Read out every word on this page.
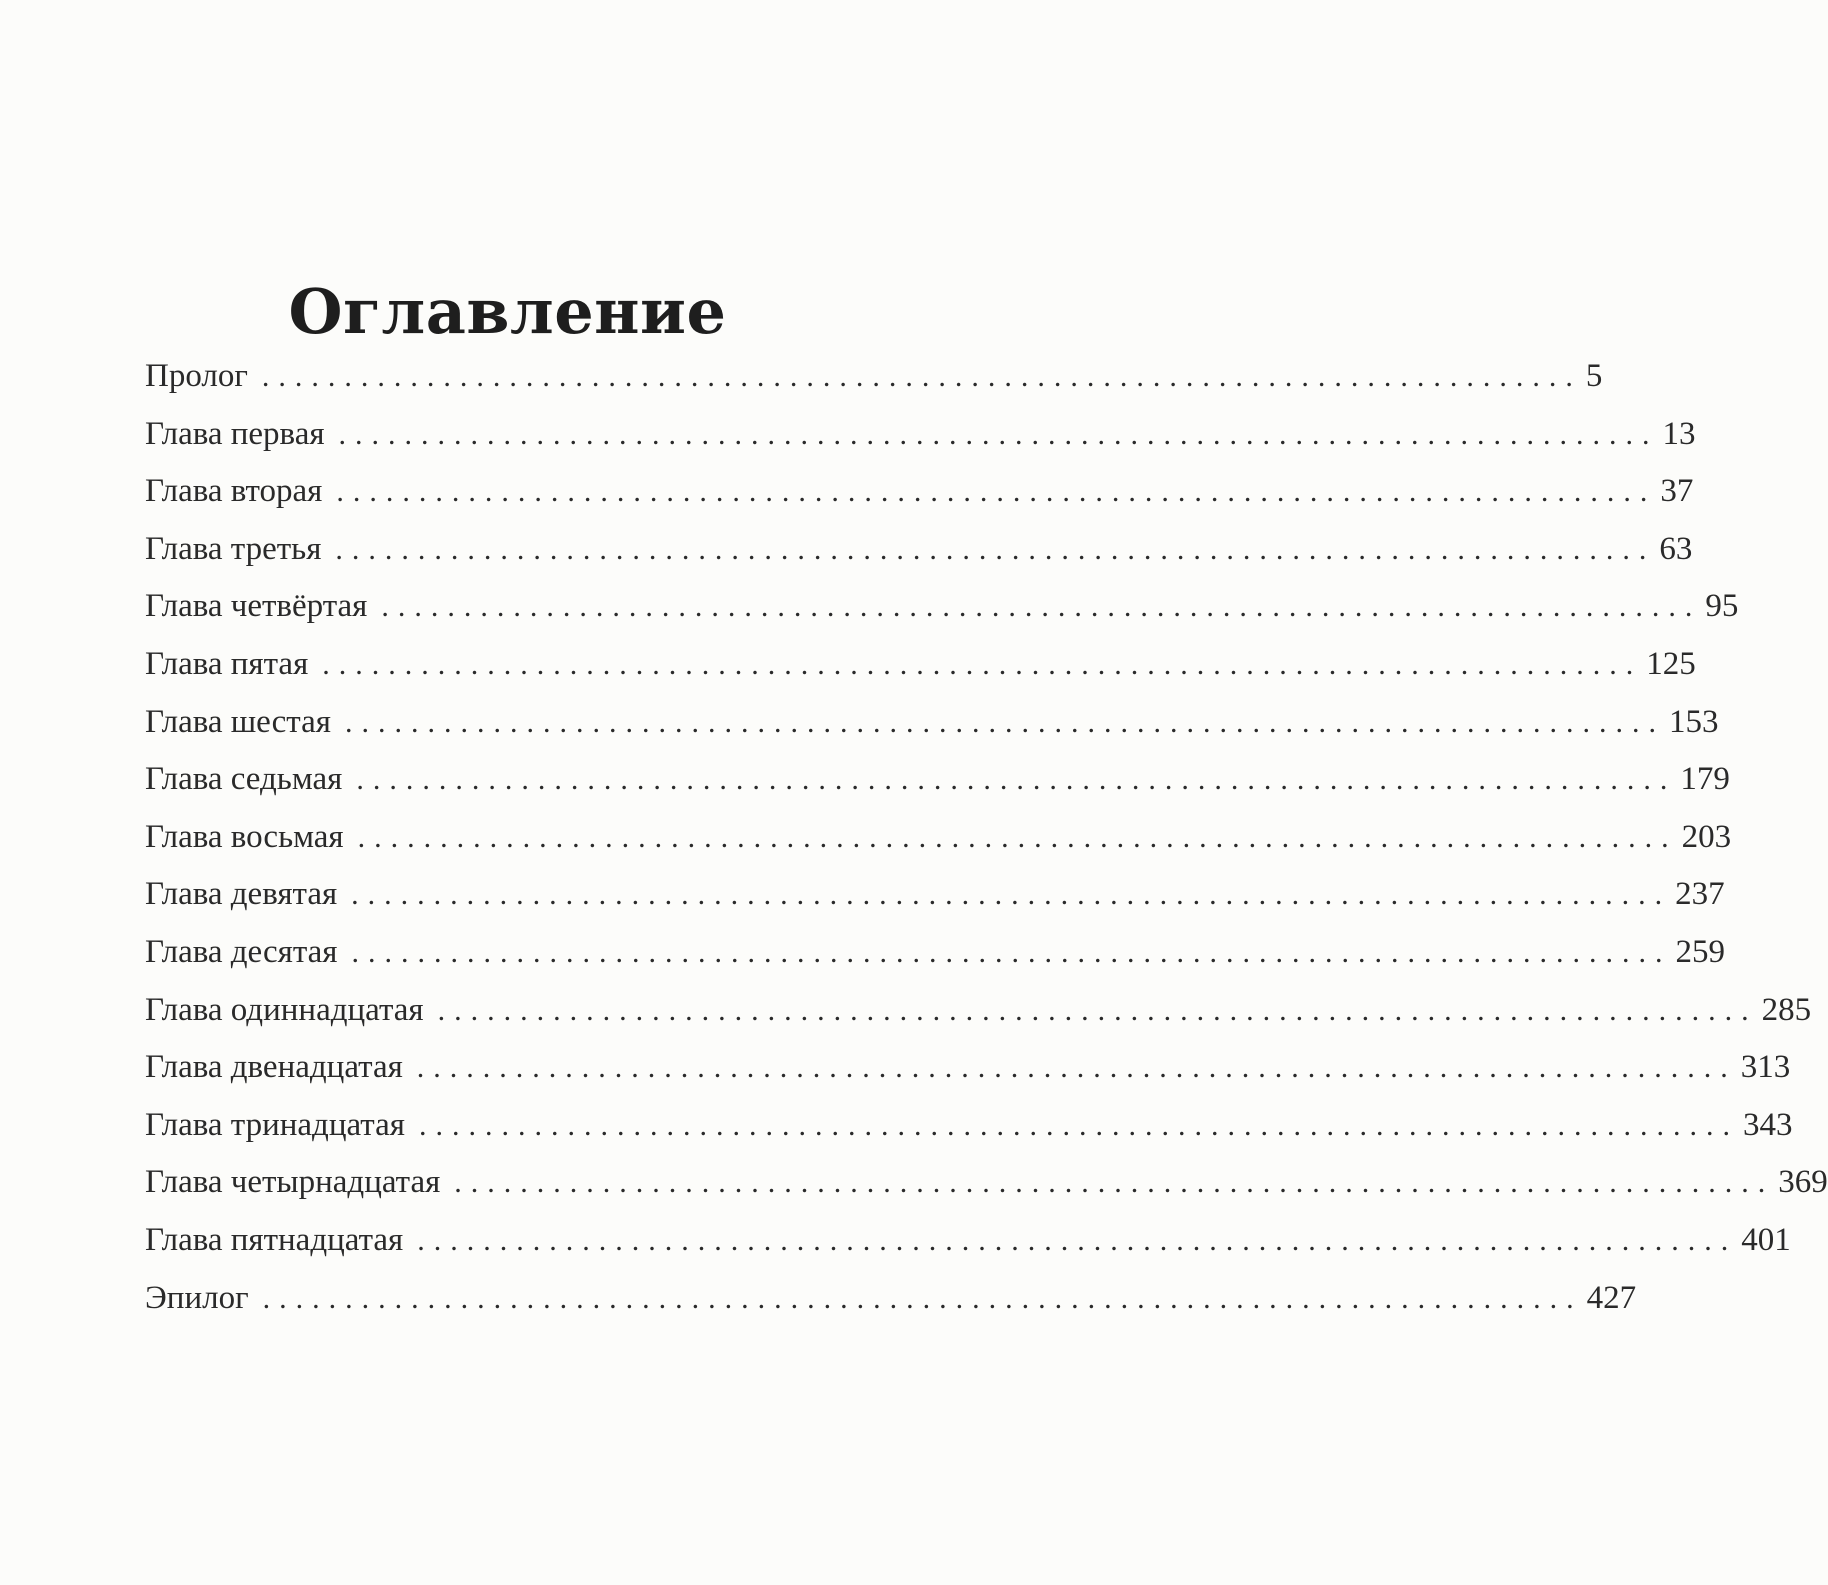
Оглавление
Пролог ................................................................................ 5
Глава первая ................................................................................ 13
Глава вторая ................................................................................ 37
Глава третья ................................................................................ 63
Глава четвёртая ................................................................................ 95
Глава пятая ................................................................................ 125
Глава шестая ................................................................................ 153
Глава седьмая ................................................................................ 179
Глава восьмая ................................................................................ 203
Глава девятая ................................................................................ 237
Глава десятая ................................................................................ 259
Глава одиннадцатая ................................................................................ 285
Глава двенадцатая ................................................................................ 313
Глава тринадцатая ................................................................................ 343
Глава четырнадцатая ................................................................................ 369
Глава пятнадцатая ................................................................................ 401
Эпилог ................................................................................ 427
